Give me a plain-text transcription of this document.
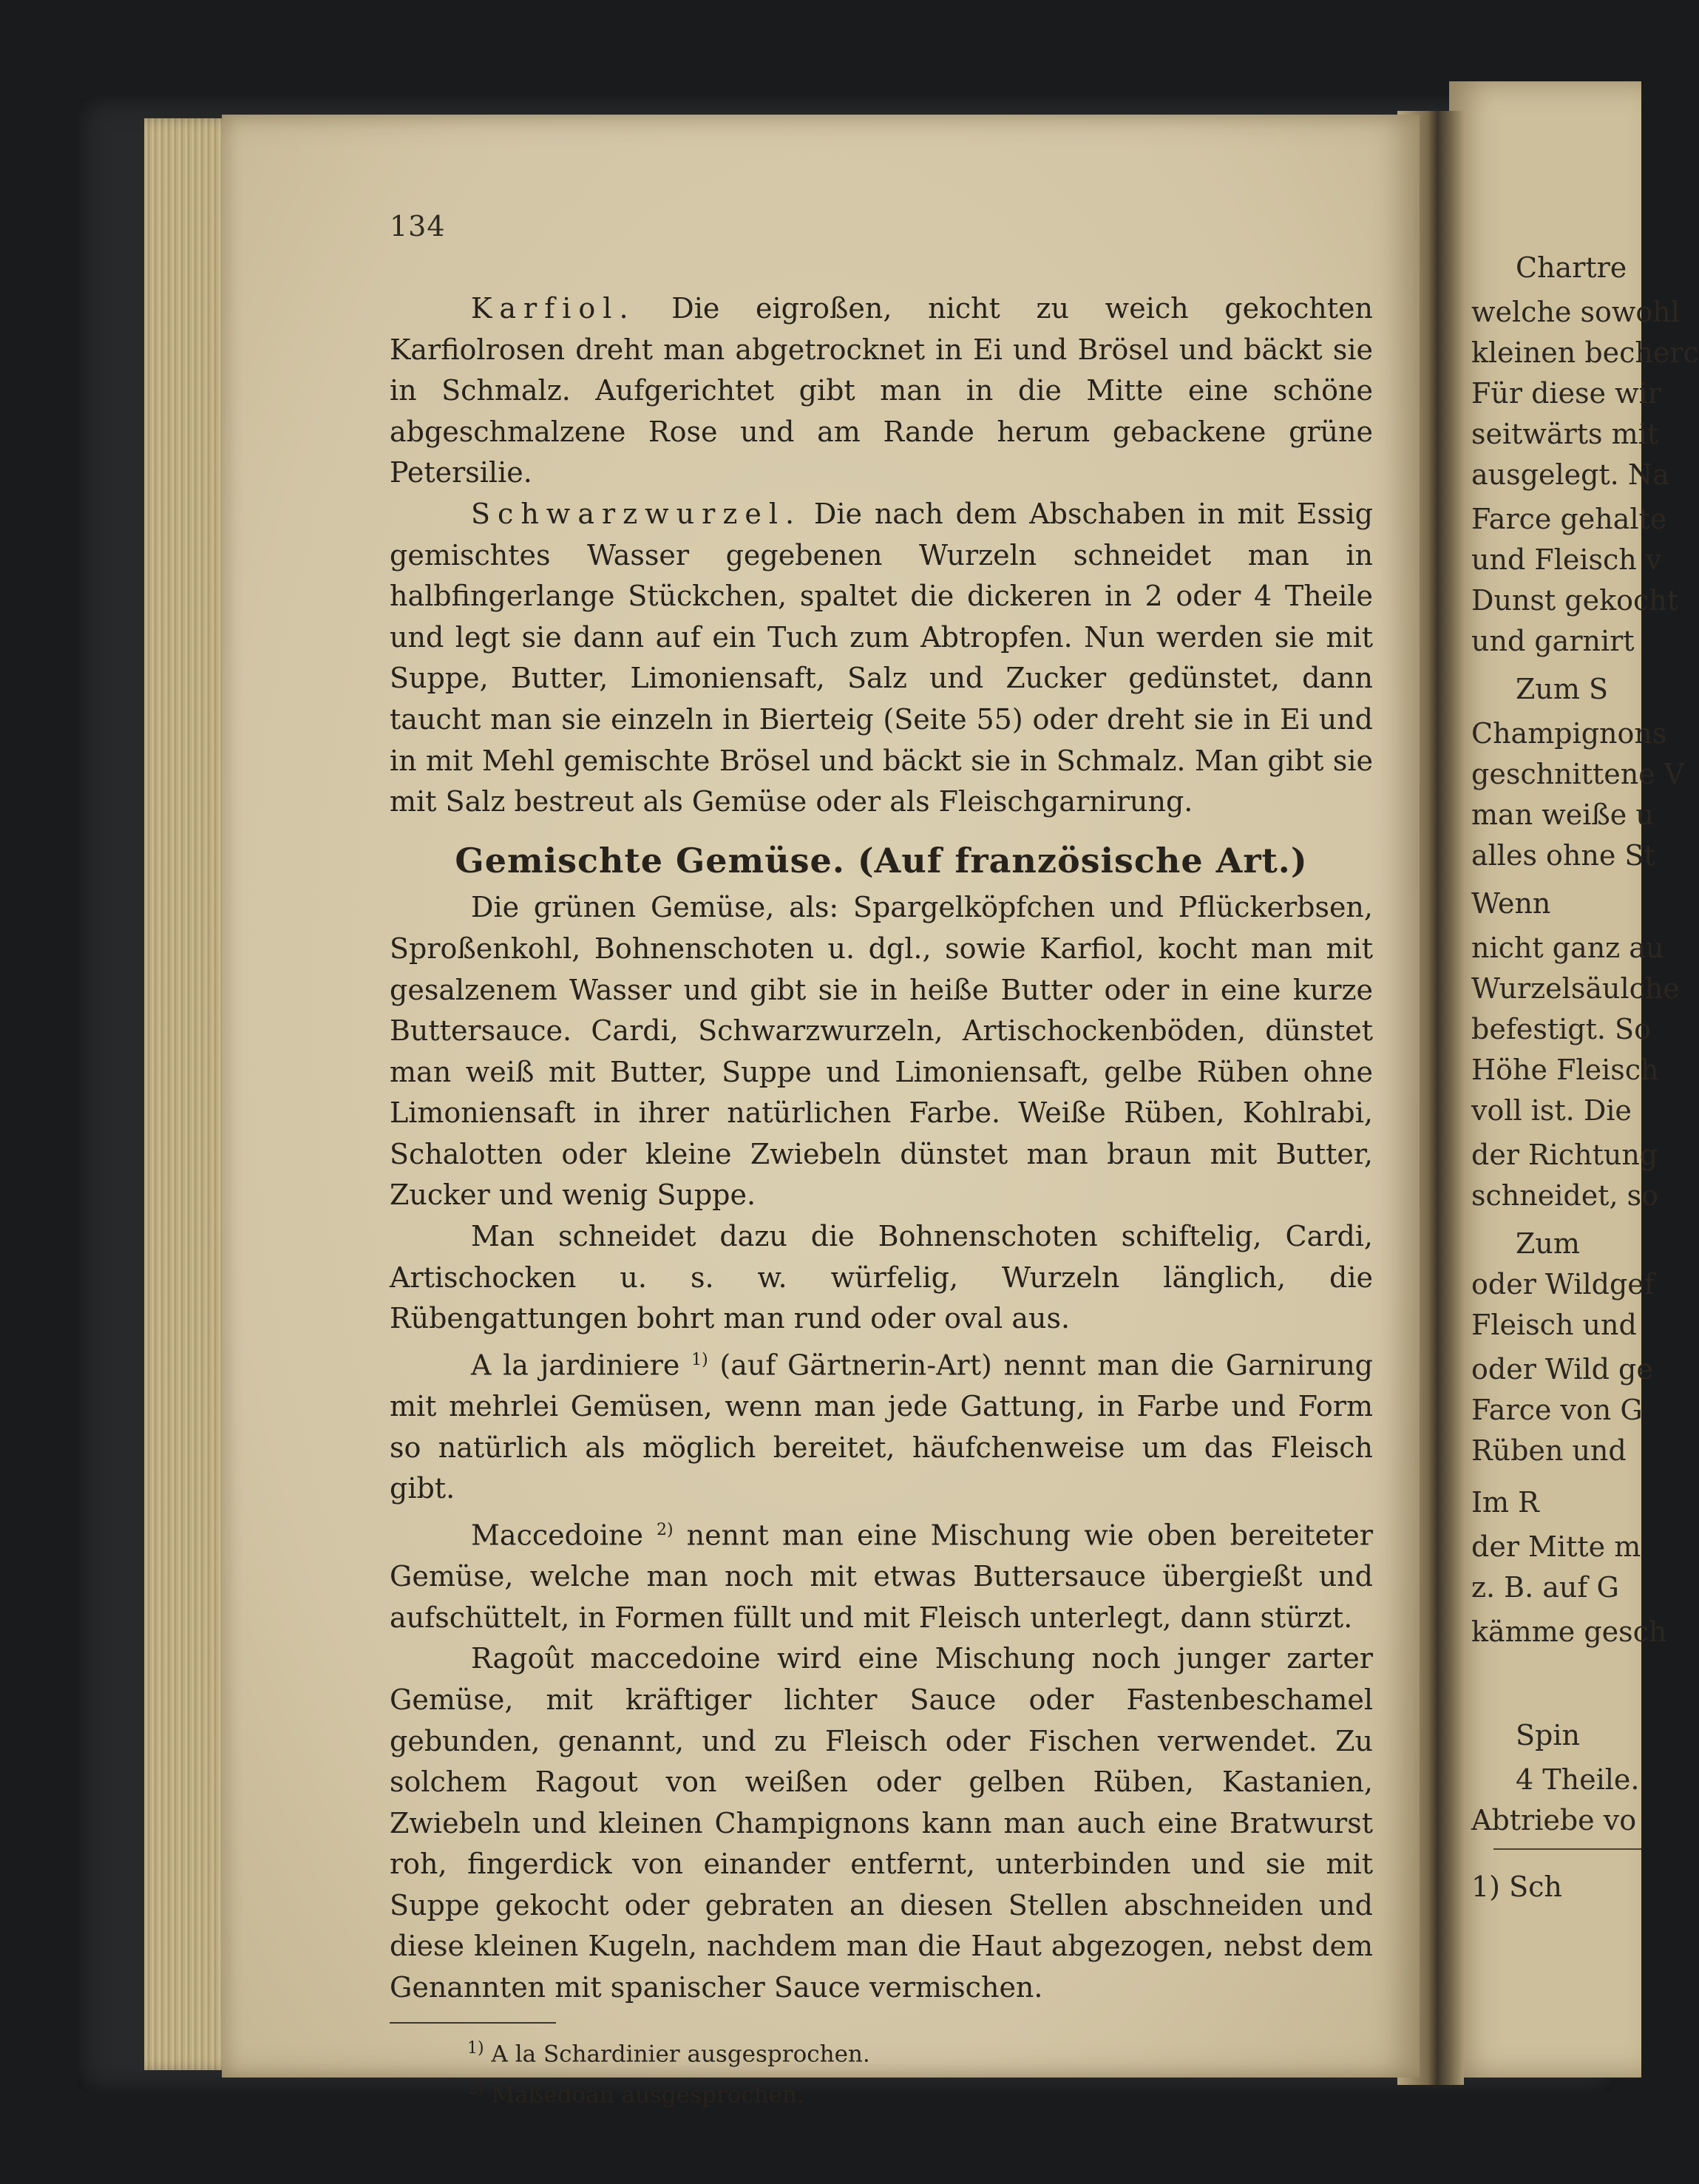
Chartre
welche sowohl
kleinen becherc
Für diese wir
seitwärts mit
ausgelegt. Na
Farce gehalte
und Fleisch v
Dunst gekocht
und garnirt
Zum S
Champignons
geschnittene V
man weiße u
alles ohne St
Wenn
nicht ganz au
Wurzelsäulche
befestigt. So
Höhe Fleisch
voll ist. Die
der Richtung
schneidet, so
Zum
oder Wildgef
Fleisch und
oder Wild ge
Farce von G
Rüben und
Im R
der Mitte m
z. B. auf G
kämme gesch
Spin
4 Theile.
Abtriebe vo
1) Sch
134

Karfiol. Die eigroßen, nicht zu weich gekochten Karfiolrosen dreht man abgetrocknet in Ei und Brösel und bäckt sie in Schmalz. Aufgerichtet gibt man in die Mitte eine schöne abgeschmalzene Rose und am Rande herum gebackene grüne Petersilie.

Schwarzwurzel. Die nach dem Abschaben in mit Essig gemischtes Wasser gegebenen Wurzeln schneidet man in halbfingerlange Stückchen, spaltet die dickeren in 2 oder 4 Theile und legt sie dann auf ein Tuch zum Abtropfen. Nun werden sie mit Suppe, Butter, Limoniensaft, Salz und Zucker gedünstet, dann taucht man sie einzeln in Bierteig (Seite 55) oder dreht sie in Ei und in mit Mehl gemischte Brösel und bäckt sie in Schmalz. Man gibt sie mit Salz bestreut als Gemüse oder als Fleischgarnirung.

Gemischte Gemüse. (Auf französische Art.)

Die grünen Gemüse, als: Spargelköpfchen und Pflückerbsen, Sproßenkohl, Bohnenschoten u. dgl., sowie Karfiol, kocht man mit gesalzenem Wasser und gibt sie in heiße Butter oder in eine kurze Buttersauce. Cardi, Schwarzwurzeln, Artischockenböden, dünstet man weiß mit Butter, Suppe und Limoniensaft, gelbe Rüben ohne Limoniensaft in ihrer natürlichen Farbe. Weiße Rüben, Kohlrabi, Schalotten oder kleine Zwiebeln dünstet man braun mit Butter, Zucker und wenig Suppe.

Man schneidet dazu die Bohnenschoten schiftelig, Cardi, Artischocken u. s. w. würfelig, Wurzeln länglich, die Rübengattungen bohrt man rund oder oval aus.

A la jardiniere $^{1)}$ (auf Gärtnerin-Art) nennt man die Garnirung mit mehrlei Gemüsen, wenn man jede Gattung, in Farbe und Form so natürlich als möglich bereitet, häufchenweise um das Fleisch gibt.

Maccedoine $^{2)}$ nennt man eine Mischung wie oben bereiteter Gemüse, welche man noch mit etwas Buttersauce übergießt und aufschüttelt, in Formen füllt und mit Fleisch unterlegt, dann stürzt.

Ragoût maccedoine wird eine Mischung noch junger zarter Gemüse, mit kräftiger lichter Sauce oder Fastenbeschamel gebunden, genannt, und zu Fleisch oder Fischen verwendet. Zu solchem Ragout von weißen oder gelben Rüben, Kastanien, Zwiebeln und kleinen Champignons kann man auch eine Bratwurst roh, fingerdick von einander entfernt, unterbinden und sie mit Suppe gekocht oder gebraten an diesen Stellen abschneiden und diese kleinen Kugeln, nachdem man die Haut abgezogen, nebst dem Genannten mit spanischer Sauce vermischen.

$^{1)}$ A la Schardinier ausgesprochen.
$^{2)}$ Maßedoan ausgesprochen.
